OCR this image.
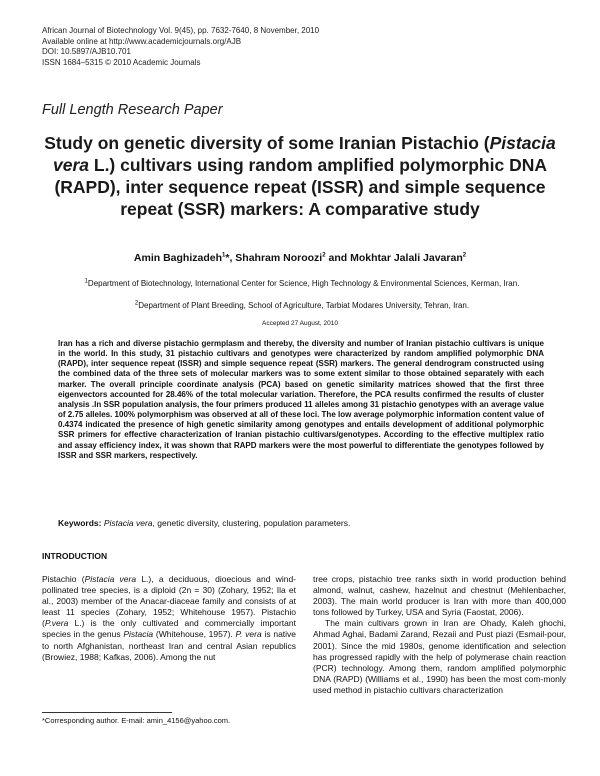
African Journal of Biotechnology Vol. 9(45), pp. 7632-7640, 8 November, 2010
Available online at http://www.academicjournals.org/AJB
DOI: 10.5897/AJB10.701
ISSN 1684–5315 © 2010 Academic Journals
Full Length Research Paper
Study on genetic diversity of some Iranian Pistachio (Pistacia vera L.) cultivars using random amplified polymorphic DNA (RAPD), inter sequence repeat (ISSR) and simple sequence repeat (SSR) markers: A comparative study
Amin Baghizadeh$^1$*, Shahram Noroozi$^2$ and Mokhtar Jalali Javaran$^2$
$^1$Department of Biotechnology, International Center for Science, High Technology & Environmental Sciences, Kerman, Iran.
$^2$Department of Plant Breeding, School of Agriculture, Tarbiat Modares University, Tehran, Iran.
Accepted 27 August, 2010
Iran has a rich and diverse pistachio germplasm and thereby, the diversity and number of Iranian pistachio cultivars is unique in the world. In this study, 31 pistachio cultivars and genotypes were characterized by random amplified polymorphic DNA (RAPD), inter sequence repeat (ISSR) and simple sequence repeat (SSR) markers. The general dendrogram constructed using the combined data of the three sets of molecular markers was to some extent similar to those obtained separately with each marker. The overall principle coordinate analysis (PCA) based on genetic similarity matrices showed that the first three eigenvectors accounted for 28.46% of the total molecular variation. Therefore, the PCA results confirmed the results of cluster analysis .In SSR population analysis, the four primers produced 11 alleles among 31 pistachio genotypes with an average value of 2.75 alleles. 100% polymorphism was observed at all of these loci. The low average polymorphic information content value of 0.4374 indicated the presence of high genetic similarity among genotypes and entails development of additional polymorphic SSR primers for effective characterization of Iranian pistachio cultivars/genotypes. According to the effective multiplex ratio and assay efficiency index, it was shown that RAPD markers were the most powerful to differentiate the genotypes followed by ISSR and SSR markers, respectively.
Keywords: Pistacia vera, genetic diversity, clustering, population parameters.
INTRODUCTION

Pistachio (Pistacia vera L.), a deciduous, dioecious and wind-pollinated tree species, is a diploid (2n = 30) (Zohary, 1952; Ila et al., 2003) member of the Anacar-diaceae family and consists of at least 11 species (Zohary, 1952; Whitehouse 1957). Pistachio (P.vera L.) is the only cultivated and commercially important species in the genus Pistacia (Whitehouse, 1957). P. vera is native to north Afghanistan, northeast Iran and central Asian republics (Browiez, 1988; Kafkas, 2006). Among the nut

tree crops, pistachio tree ranks sixth in world production behind almond, walnut, cashew, hazelnut and chestnut (Mehlenbacher, 2003). The main world producer is Iran with more than 400,000 tons followed by Turkey, USA and Syria (Faostat, 2006).

The main cultivars grown in Iran are Ohady, Kaleh ghochi, Ahmad Aghai, Badami Zarand, Rezaii and Pust piazi (Esmail-pour, 2001). Since the mid 1980s, genome identification and selection has progressed rapidly with the help of polymerase chain reaction (PCR) technology. Among them, random amplified polymorphic DNA (RAPD) (Williams et al., 1990) has been the most com-monly used method in pistachio cultivars characterization

*Corresponding author. E-mail: amin_4156@yahoo.com.
